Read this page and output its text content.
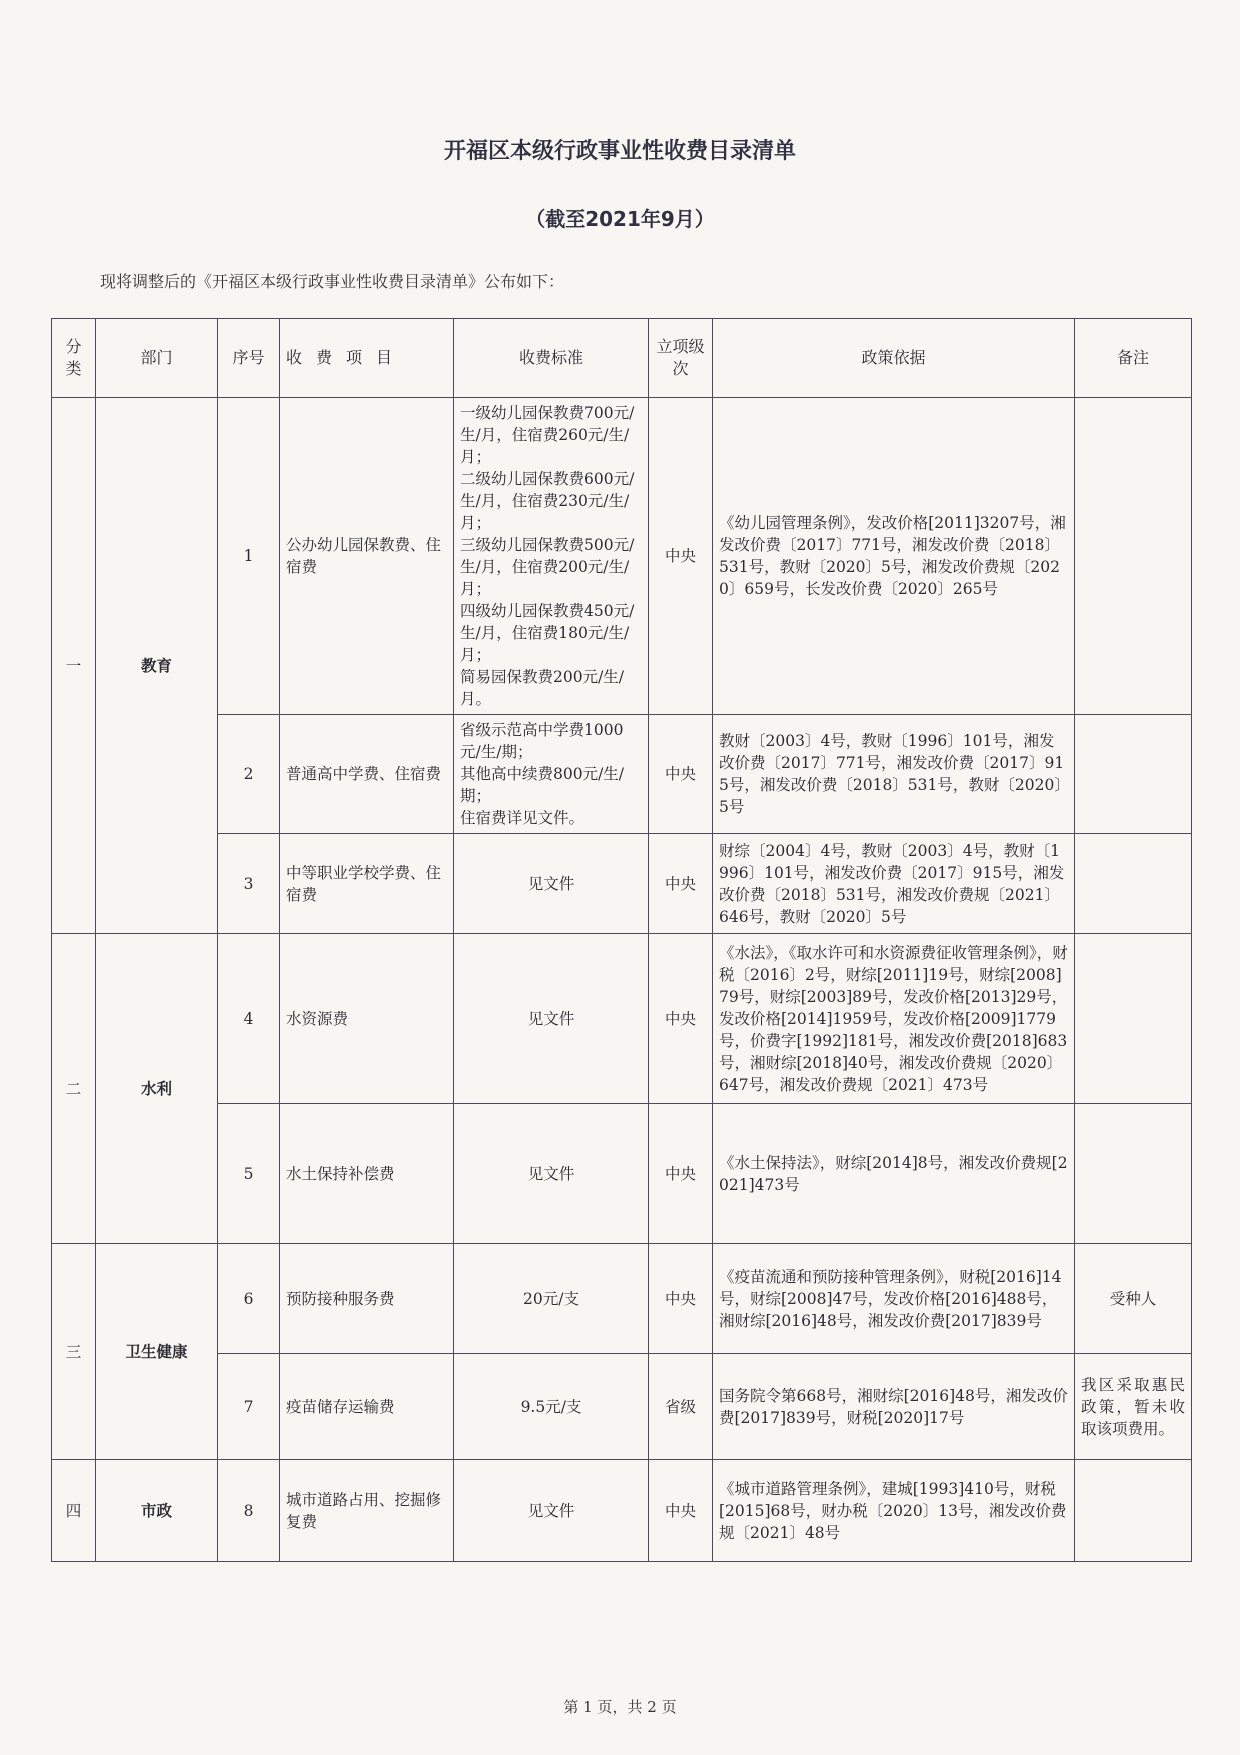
开福区本级行政事业性收费目录清单
（截至2021年9月）
现将调整后的《开福区本级行政事业性收费目录清单》公布如下：
分类	部门	序号	收费项目	收费标准	立项级次	政策依据	备注
一	教育	1	公办幼儿园保教费、住宿费	一级幼儿园保教费700元/生/月，住宿费260元/生/月；
二级幼儿园保教费600元/生/月，住宿费230元/生/月；
三级幼儿园保教费500元/生/月，住宿费200元/生/月；
四级幼儿园保教费450元/生/月，住宿费180元/生/月；
简易园保教费200元/生/月。	中央	《幼儿园管理条例》，发改价格[2011]3207号，湘发改价费〔2017〕771号，湘发改价费〔2018〕531号，教财〔2020〕5号，湘发改价费规〔2020〕659号，长发改价费〔2020〕265号	
		2	普通高中学费、住宿费	省级示范高中学费1000元/生/期；
其他高中续费800元/生/期；
住宿费详见文件。	中央	教财〔2003〕4号，教财〔1996〕101号，湘发改价费〔2017〕771号，湘发改价费〔2017〕915号，湘发改价费〔2018〕531号，教财〔2020〕5号	
		3	中等职业学校学费、住宿费	见文件	中央	财综〔2004〕4号，教财〔2003〕4号，教财〔1996〕101号，湘发改价费〔2017〕915号，湘发改价费〔2018〕531号，湘发改价费规〔2021〕646号，教财〔2020〕5号	
二	水利	4	水资源费	见文件	中央	《水法》，《取水许可和水资源费征收管理条例》，财税〔2016〕2号，财综[2011]19号，财综[2008]79号，财综[2003]89号，发改价格[2013]29号，发改价格[2014]1959号，发改价格[2009]1779号，价费字[1992]181号，湘发改价费[2018]683号，湘财综[2018]40号，湘发改价费规〔2020〕647号，湘发改价费规〔2021〕473号	
		5	水土保持补偿费	见文件	中央	《水土保持法》，财综[2014]8号，湘发改价费规[2021]473号	
三	卫生健康	6	预防接种服务费	20元/支	中央	《疫苗流通和预防接种管理条例》，财税[2016]14号，财综[2008]47号，发改价格[2016]488号，湘财综[2016]48号，湘发改价费[2017]839号	受种人
		7	疫苗储存运输费	9.5元/支	省级	国务院令第668号，湘财综[2016]48号，湘发改价费[2017]839号，财税[2020]17号	我区采取惠民政策，暂未收取该项费用。
四	市政	8	城市道路占用、挖掘修复费	见文件	中央	《城市道路管理条例》，建城[1993]410号，财税[2015]68号，财办税〔2020〕13号，湘发改价费规〔2021〕48号	
第 1 页，共 2 页
